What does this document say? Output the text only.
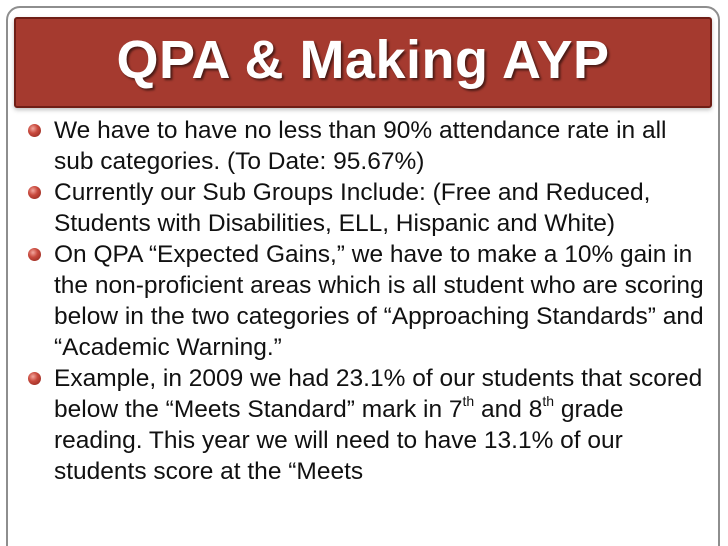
QPA & Making AYP
We have to have no less than 90% attendance rate in all sub categories. (To Date: 95.67%)
Currently our Sub Groups Include: (Free and Reduced, Students with Disabilities, ELL, Hispanic and White)
On QPA “Expected Gains,” we have to make a 10% gain in the non-proficient areas which is all student who are scoring below in the two categories of “Approaching Standards” and “Academic Warning.”
Example, in 2009 we had 23.1% of our students that scored below the “Meets Standard” mark in 7th and 8th grade reading. This year we will need to have 13.1% of our students score at the “Meets
